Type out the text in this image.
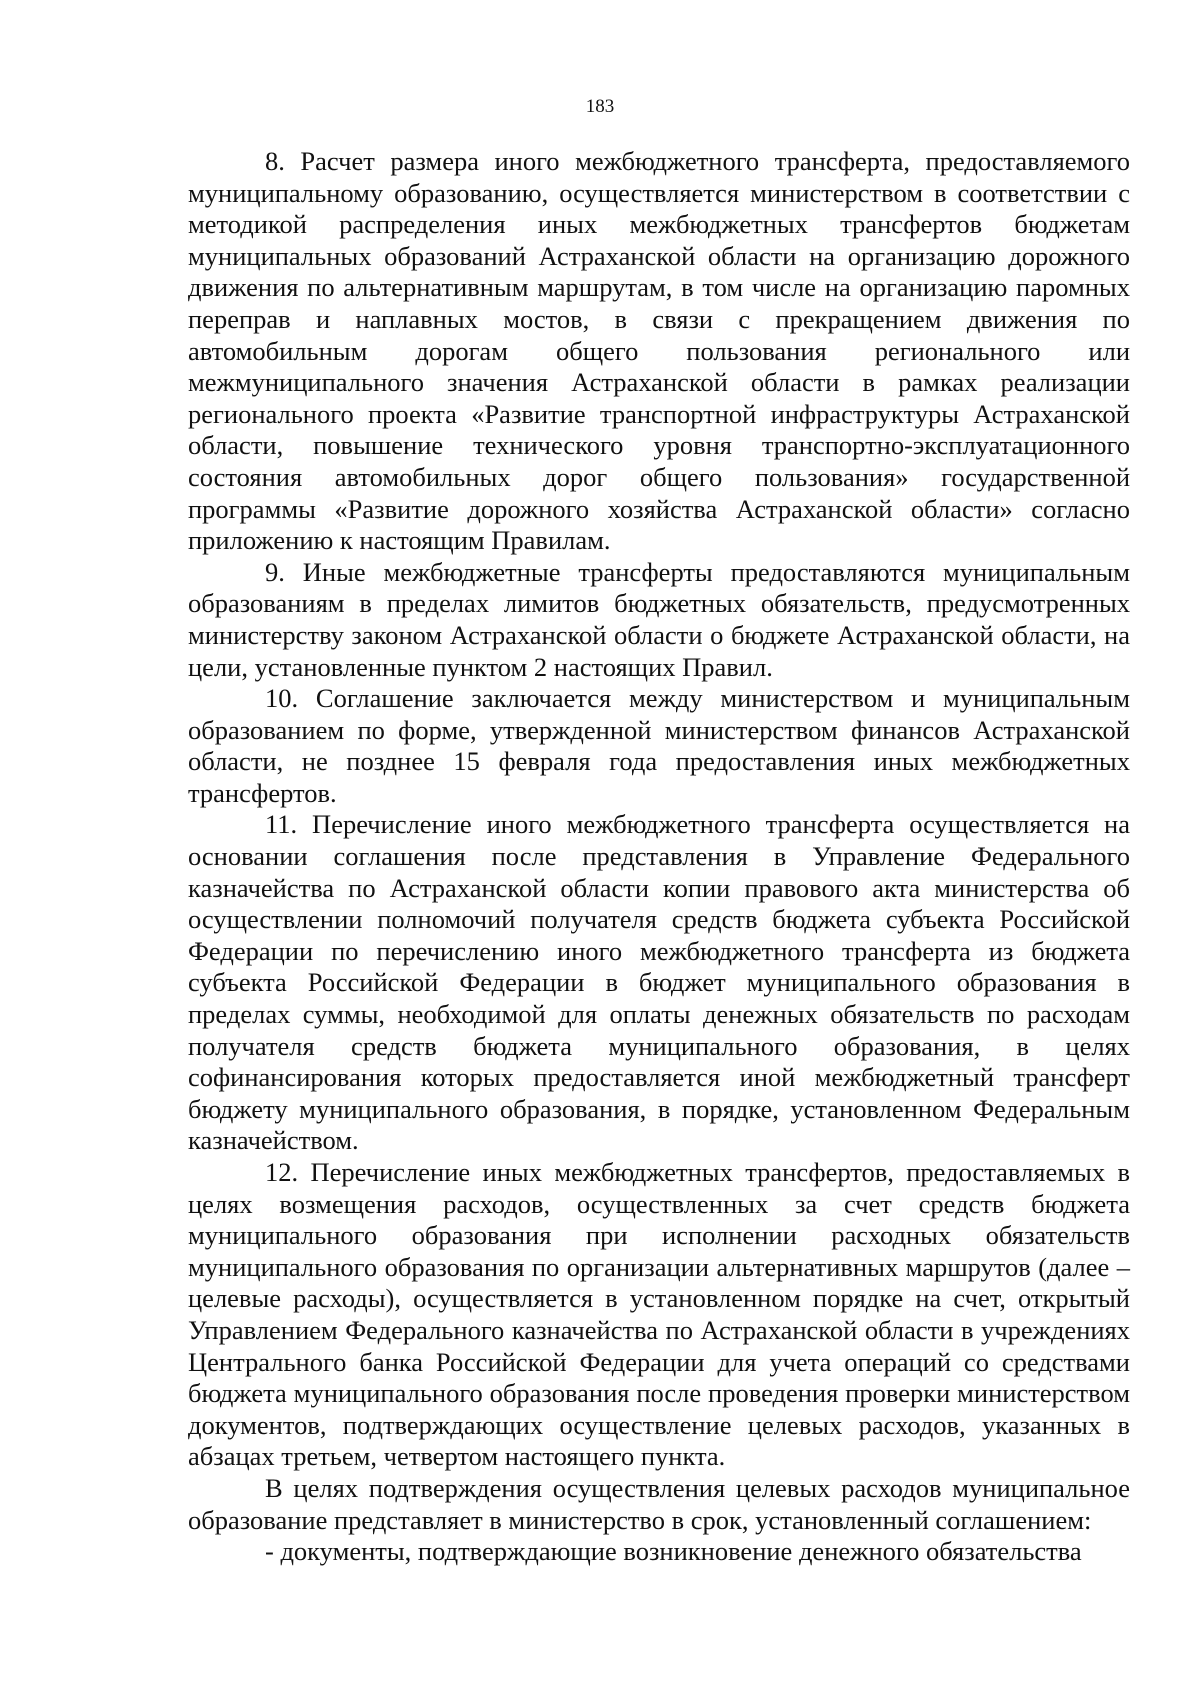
183

8. Расчет размера иного межбюджетного трансферта, предоставляемого муниципальному образованию, осуществляется министерством в соответствии с методикой распределения иных межбюджетных трансфертов бюджетам муниципальных образований Астраханской области на организацию дорожного движения по альтернативным маршрутам, в том числе на организацию паромных переправ и наплавных мостов, в связи с прекращением движения по автомобильным дорогам общего пользования регионального или межмуниципального значения Астраханской области в рамках реализации регионального проекта «Развитие транспортной инфраструктуры Астраханской области, повышение технического уровня транспортно-эксплуатационного состояния автомобильных дорог общего пользования» государственной программы «Развитие дорожного хозяйства Астраханской области» согласно приложению к настоящим Правилам.

9. Иные межбюджетные трансферты предоставляются муниципальным образованиям в пределах лимитов бюджетных обязательств, предусмотренных министерству законом Астраханской области о бюджете Астраханской области, на цели, установленные пунктом 2 настоящих Правил.

10. Соглашение заключается между министерством и муниципальным образованием по форме, утвержденной министерством финансов Астраханской области, не позднее 15 февраля года предоставления иных межбюджетных трансфертов.

11. Перечисление иного межбюджетного трансферта осуществляется на основании соглашения после представления в Управление Федерального казначейства по Астраханской области копии правового акта министерства об осуществлении полномочий получателя средств бюджета субъекта Российской Федерации по перечислению иного межбюджетного трансферта из бюджета субъекта Российской Федерации в бюджет муниципального образования в пределах суммы, необходимой для оплаты денежных обязательств по расходам получателя средств бюджета муниципального образования, в целях софинансирования которых предоставляется иной межбюджетный трансферт бюджету муниципального образования, в порядке, установленном Федеральным казначейством.

12. Перечисление иных межбюджетных трансфертов, предоставляемых в целях возмещения расходов, осуществленных за счет средств бюджета муниципального образования при исполнении расходных обязательств муниципального образования по организации альтернативных маршрутов (далее – целевые расходы), осуществляется в установленном порядке на счет, открытый Управлением Федерального казначейства по Астраханской области в учреждениях Центрального банка Российской Федерации для учета операций со средствами бюджета муниципального образования после проведения проверки министерством документов, подтверждающих осуществление целевых расходов, указанных в абзацах третьем, четвертом настоящего пункта.

В целях подтверждения осуществления целевых расходов муниципальное образование представляет в министерство в срок, установленный соглашением:

- документы, подтверждающие возникновение денежного обязательства
